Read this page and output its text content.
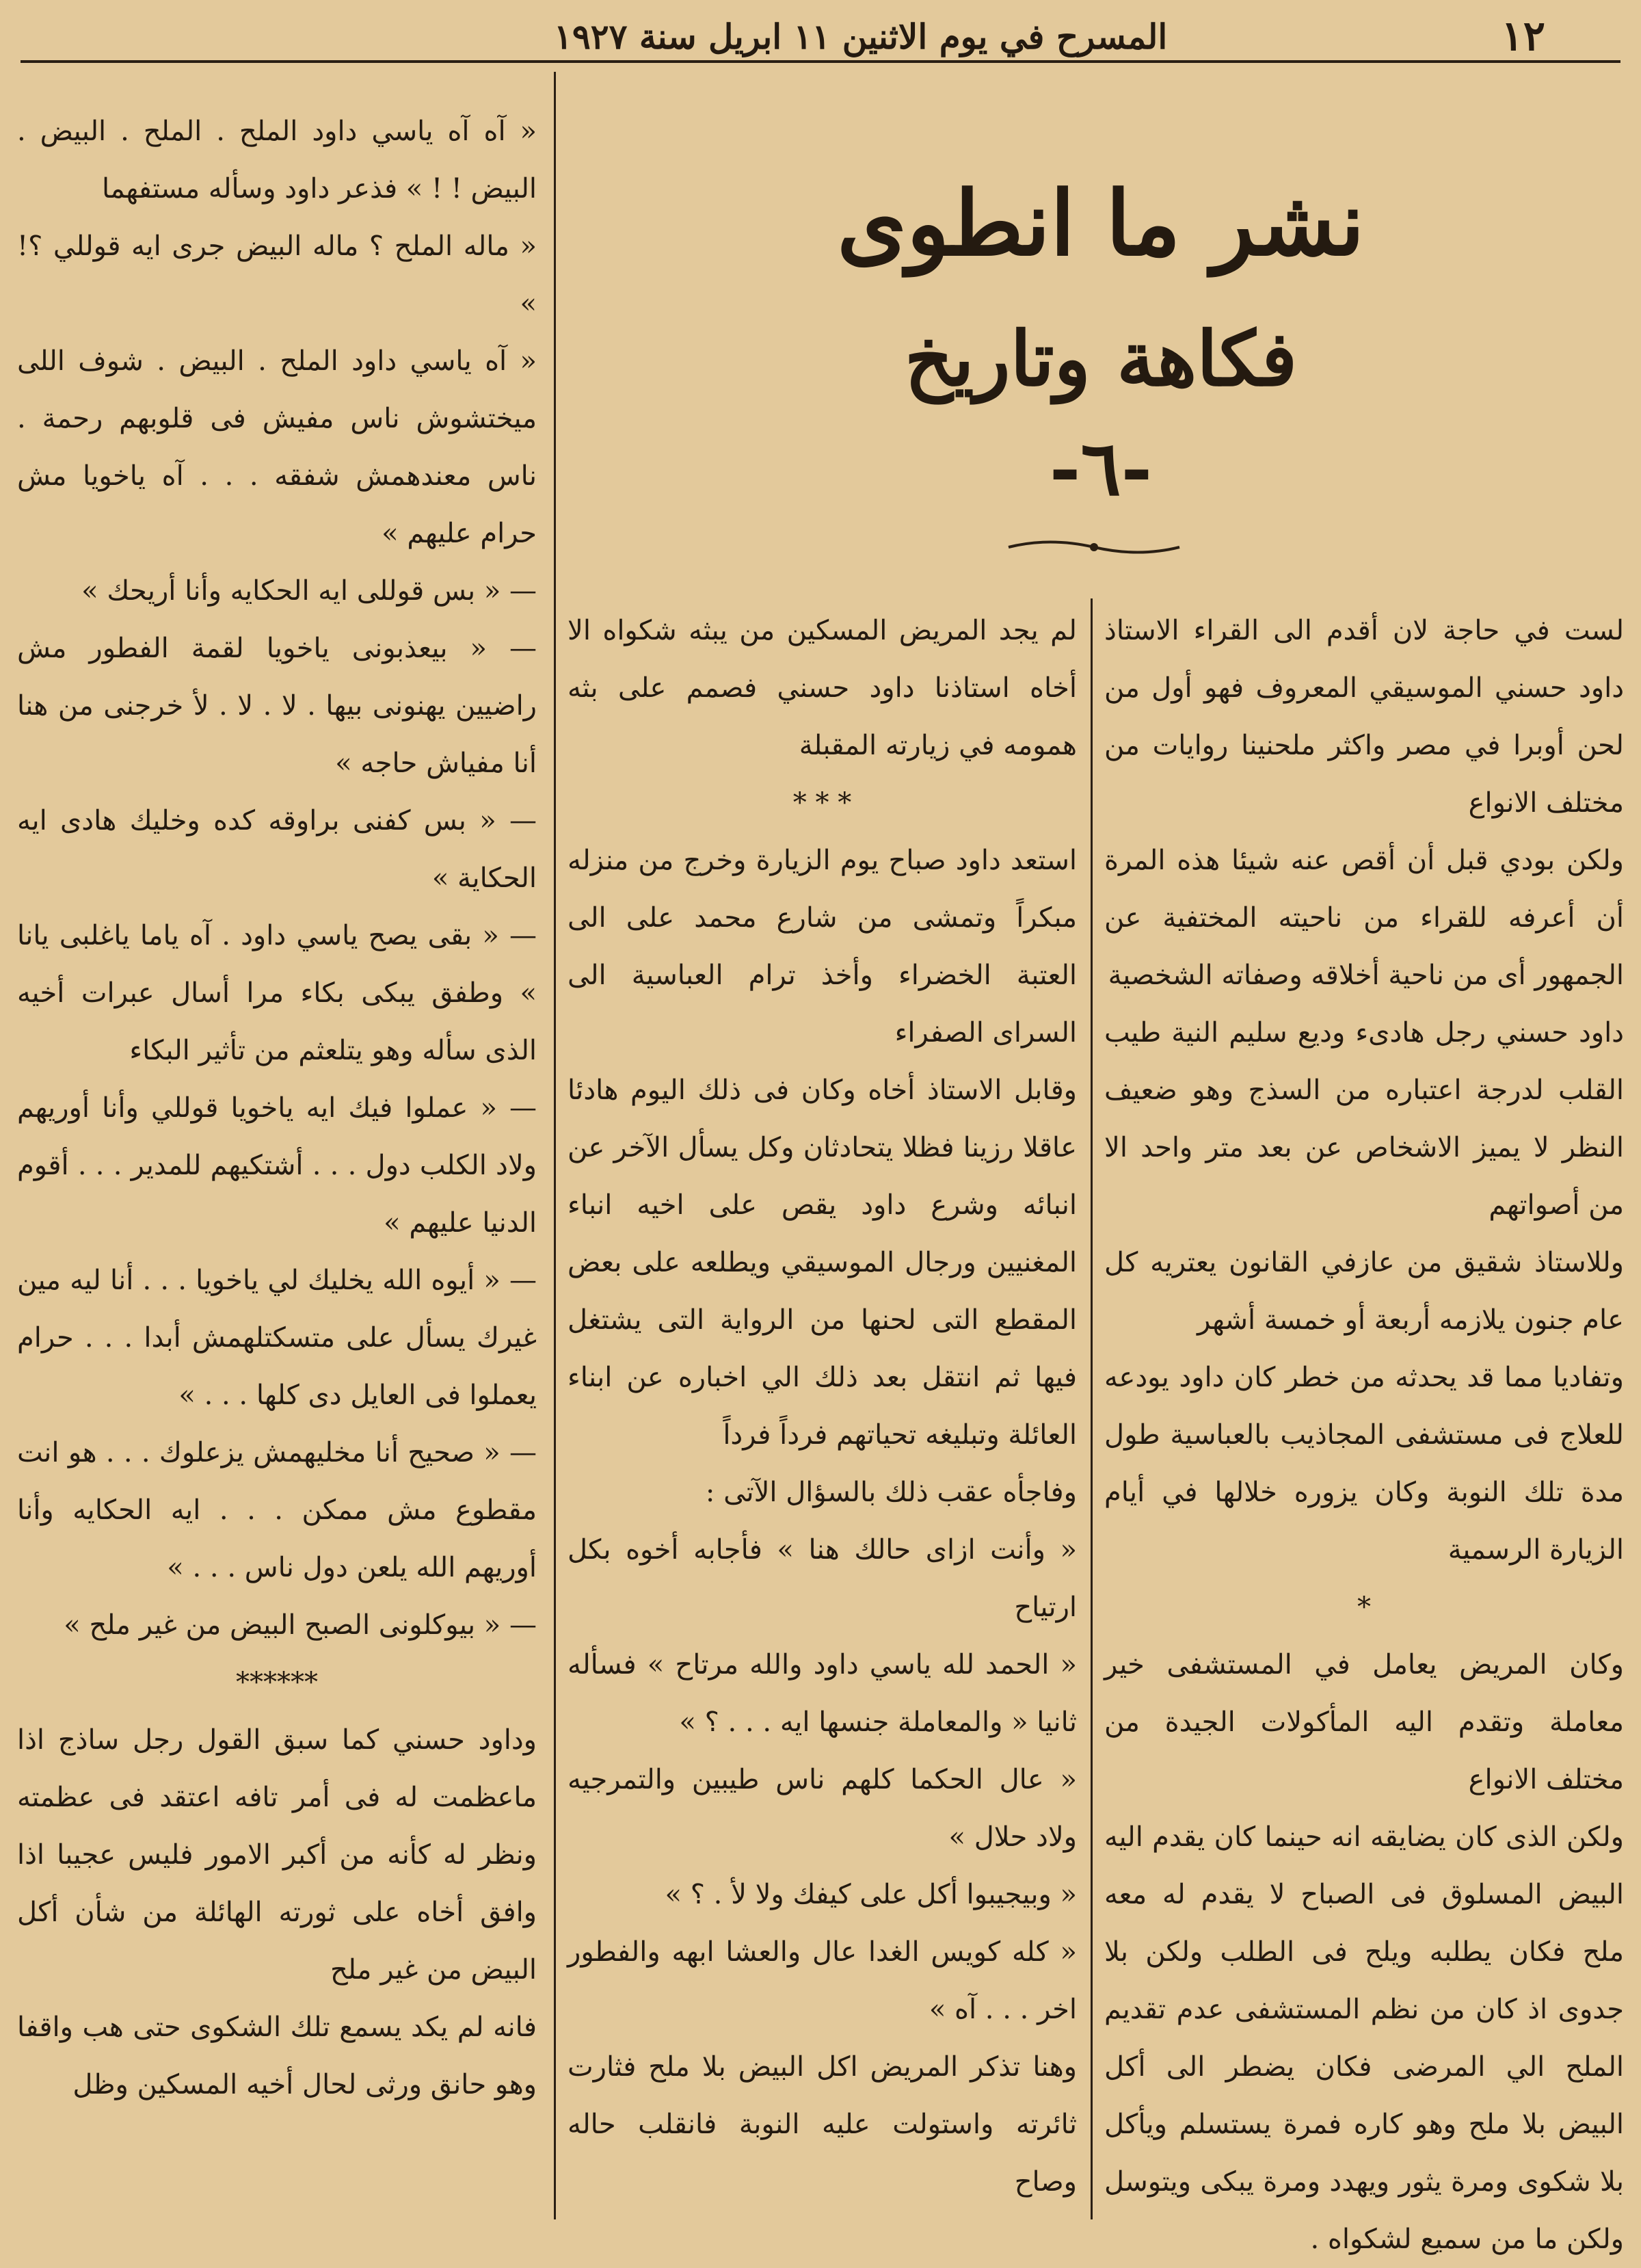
١٢
المسرح في يوم الاثنين ١١ ابريل سنة ١٩٢٧

« آه آه ياسي داود الملح . الملح . البيض . البيض ! ! » فذعر داود وسأله مستفهما

« ماله الملح ؟ ماله البيض جرى ايه قوللي ؟! »

« آه ياسي داود الملح . البيض . شوف اللى ميختشوش ناس مفيش فى قلوبهم رحمة . ناس معندهمش شفقه . . . آه ياخويا مش حرام عليهم »

— « بس قوللى ايه الحكايه وأنا أريحك »

— « بيعذبونى ياخويا لقمة الفطور مش راضيين يهنونى بيها . لا . لا . لأ خرجنى من هنا أنا مفياش حاجه »

— « بس كفنى براوقه كده وخليك هادى ايه الحكاية »

— « بقى يصح ياسي داود . آه ياما ياغلبى يانا » وطفق يبكى بكاء مرا أسال عبرات أخيه الذى سأله وهو يتلعثم من تأثير البكاء

— « عملوا فيك ايه ياخويا قوللي وأنا أوريهم ولاد الكلب دول . . . أشتكيهم للمدير . . . أقوم الدنيا عليهم »

— « أيوه الله يخليك لي ياخويا . . . أنا ليه مين غيرك يسأل على متسكتلهمش أبدا . . . حرام يعملوا فى العايل دى كلها . . . »

— « صحيح أنا مخليهمش يزعلوك . . . هو انت مقطوع مش ممكن . . . ايه الحكايه وأنا أوريهم الله يلعن دول ناس . . . »

— « بيوكلونى الصبح البيض من غير ملح »

******

وداود حسني كما سبق القول رجل ساذج اذا ماعظمت له فى أمر تافه اعتقد فى عظمته ونظر له كأنه من أكبر الامور فليس عجيبا اذا وافق أخاه على ثورته الهائلة من شأن أكل البيض من غير ملح

فانه لم يكد يسمع تلك الشكوى حتى هب واقفا وهو حانق ورثى لحال أخيه المسكين وظل

نشر ما انطوى
فكاهة وتاريخ
-٦-

لم يجد المريض المسكين من يبثه شكواه الا أخاه استاذنا داود حسني فصمم على بثه همومه في زيارته المقبلة

* * *

استعد داود صباح يوم الزيارة وخرج من منزله مبكراً وتمشى من شارع محمد على الى العتبة الخضراء وأخذ ترام العباسية الى السراى الصفراء

وقابل الاستاذ أخاه وكان فى ذلك اليوم هادئا عاقلا رزينا فظلا يتحادثان وكل يسأل الآخر عن انبائه وشرع داود يقص على اخيه انباء المغنيين ورجال الموسيقي ويطلعه على بعض المقطع التى لحنها من الرواية التى يشتغل فيها ثم انتقل بعد ذلك الي اخباره عن ابناء العائلة وتبليغه تحياتهم فرداً فرداً

وفاجأه عقب ذلك بالسؤال الآتى :

« وأنت ازاى حالك هنا » فأجابه أخوه بكل ارتياح

« الحمد لله ياسي داود والله مرتاح » فسأله ثانيا « والمعاملة جنسها ايه . . . ؟ »

« عال الحكما كلهم ناس طيبين والتمرجيه ولاد حلال »

« وبيجيبوا أكل على كيفك ولا لأ . ؟ »

« كله كويس الغدا عال والعشا ابهه والفطور اخر . . . آه »

وهنا تذكر المريض اكل البيض بلا ملح فثارت ثائرته واستولت عليه النوبة فانقلب حاله وصاح

لست في حاجة لان أقدم الى القراء الاستاذ داود حسني الموسيقي المعروف فهو أول من لحن أوبرا في مصر واكثر ملحنينا روايات من مختلف الانواع

ولكن بودي قبل أن أقص عنه شيئا هذه المرة أن أعرفه للقراء من ناحيته المختفية عن الجمهور أى من ناحية أخلاقه وصفاته الشخصية

داود حسني رجل هادىء وديع سليم النية طيب القلب لدرجة اعتباره من السذج وهو ضعيف النظر لا يميز الاشخاص عن بعد متر واحد الا من أصواتهم

وللاستاذ شقيق من عازفي القانون يعتريه كل عام جنون يلازمه أربعة أو خمسة أشهر

وتفاديا مما قد يحدثه من خطر كان داود يودعه للعلاج فى مستشفى المجاذيب بالعباسية طول مدة تلك النوبة وكان يزوره خلالها في أيام الزيارة الرسمية

*

وكان المريض يعامل في المستشفى خير معاملة وتقدم اليه المأكولات الجيدة من مختلف الانواع

ولكن الذى كان يضايقه انه حينما كان يقدم اليه البيض المسلوق فى الصباح لا يقدم له معه ملح فكان يطلبه ويلح فى الطلب ولكن بلا جدوى اذ كان من نظم المستشفى عدم تقديم الملح الي المرضى فكان يضطر الى أكل البيض بلا ملح وهو كاره فمرة يستسلم ويأكل بلا شكوى ومرة يثور ويهدد ومرة يبكى ويتوسل ولكن ما من سميع لشكواه .
